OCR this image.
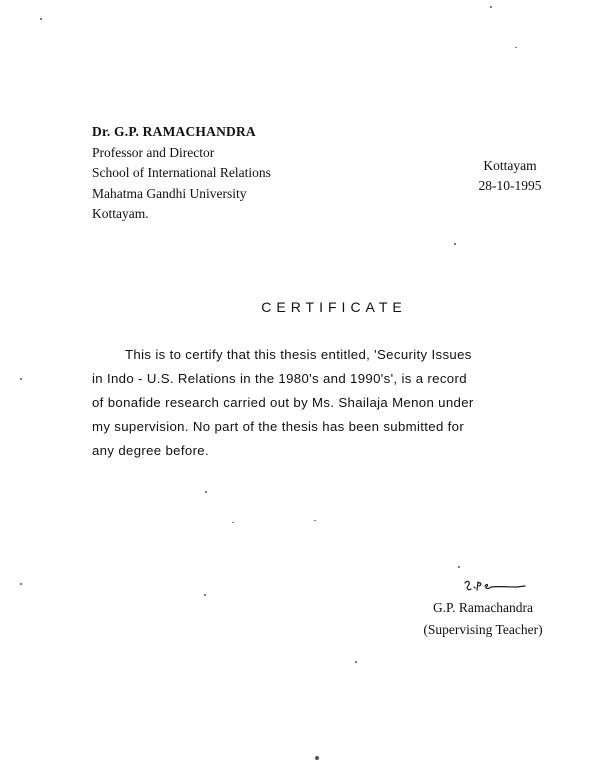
Dr. G.P. RAMACHANDRA
Professor and Director
School of International Relations
Mahatma Gandhi University
Kottayam.
Kottayam
28-10-1995
CERTIFICATE
This is to certify that this thesis entitled, 'Security Issues
in Indo - U.S. Relations in the 1980's and 1990's', is a record
of bonafide research carried out by Ms. Shailaja Menon under
my supervision. No part of the thesis has been submitted for
any degree before.
G.P. Ramachandra
(Supervising Teacher)
